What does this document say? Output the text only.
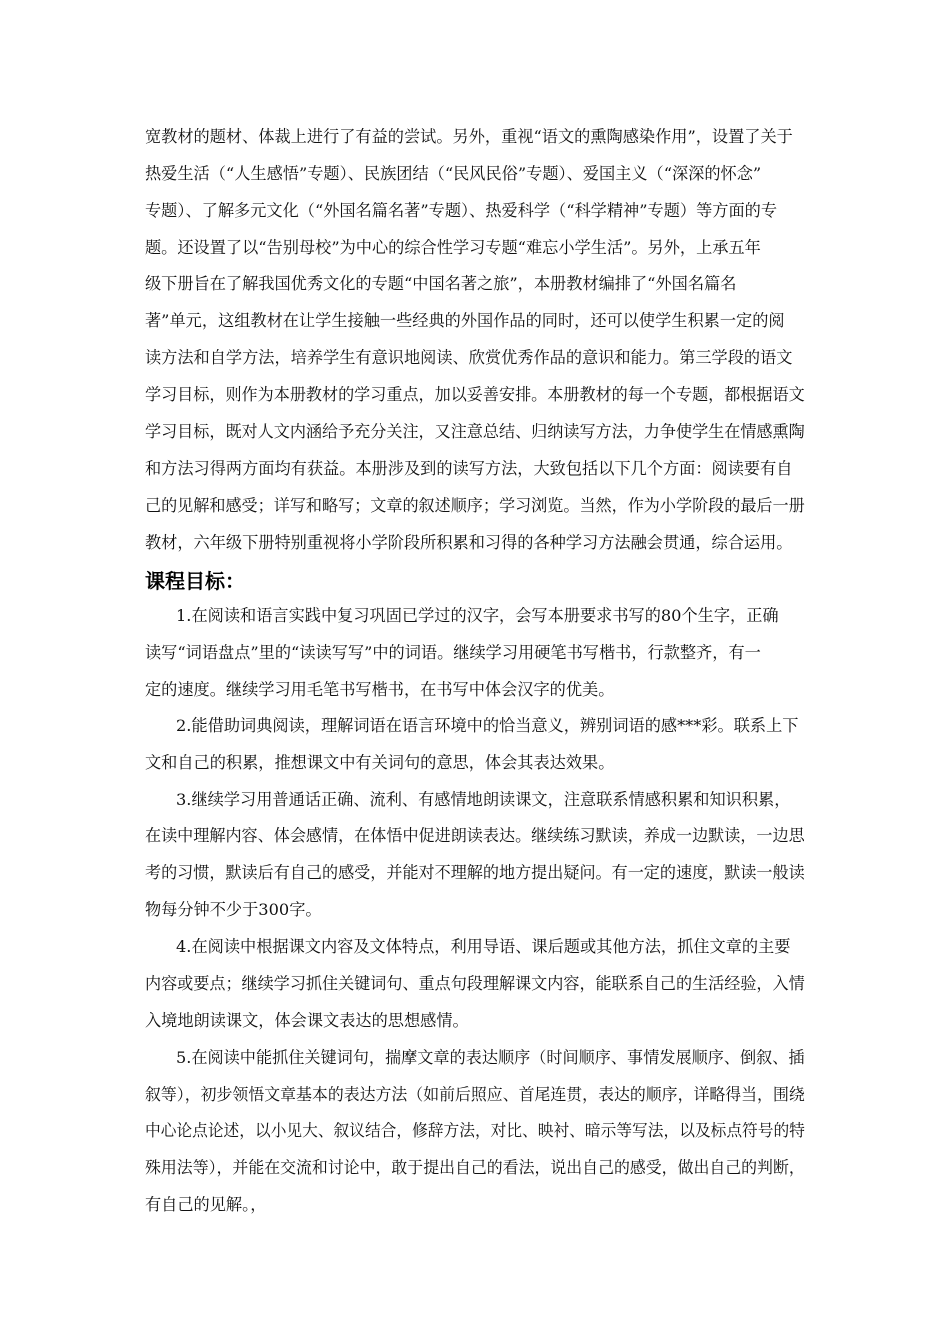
宽教材的题材、体裁上进行了有益的尝试。另外，重视“语文的熏陶感染作用”，设置了关于
热爱生活（“人生感悟”专题）、民族团结（“民风民俗”专题）、爱国主义（“深深的怀念”
专题）、了解多元文化（“外国名篇名著”专题）、热爱科学（“科学精神”专题）等方面的专
题。还设置了以“告别母校”为中心的综合性学习专题“难忘小学生活”。另外，上承五年
级下册旨在了解我国优秀文化的专题“中国名著之旅”，本册教材编排了“外国名篇名
著”单元，这组教材在让学生接触一些经典的外国作品的同时，还可以使学生积累一定的阅
读方法和自学方法，培养学生有意识地阅读、欣赏优秀作品的意识和能力。第三学段的语文
学习目标，则作为本册教材的学习重点，加以妥善安排。本册教材的每一个专题，都根据语文
学习目标，既对人文内涵给予充分关注，又注意总结、归纳读写方法，力争使学生在情感熏陶
和方法习得两方面均有获益。本册涉及到的读写方法，大致包括以下几个方面：阅读要有自
己的见解和感受；详写和略写；文章的叙述顺序；学习浏览。当然，作为小学阶段的最后一册
教材，六年级下册特别重视将小学阶段所积累和习得的各种学习方法融会贯通，综合运用。
课程目标：
1.在阅读和语言实践中复习巩固已学过的汉字，会写本册要求书写的80个生字，正确
读写“词语盘点”里的“读读写写”中的词语。继续学习用硬笔书写楷书，行款整齐，有一
定的速度。继续学习用毛笔书写楷书，在书写中体会汉字的优美。
2.能借助词典阅读，理解词语在语言环境中的恰当意义，辨别词语的感***彩。联系上下
文和自己的积累，推想课文中有关词句的意思，体会其表达效果。
3.继续学习用普通话正确、流利、有感情地朗读课文，注意联系情感积累和知识积累，
在读中理解内容、体会感情，在体悟中促进朗读表达。继续练习默读，养成一边默读，一边思
考的习惯，默读后有自己的感受，并能对不理解的地方提出疑问。有一定的速度，默读一般读
物每分钟不少于300字。
4.在阅读中根据课文内容及文体特点，利用导语、课后题或其他方法，抓住文章的主要
内容或要点；继续学习抓住关键词句、重点句段理解课文内容，能联系自己的生活经验，入情
入境地朗读课文，体会课文表达的思想感情。
5.在阅读中能抓住关键词句，揣摩文章的表达顺序（时间顺序、事情发展顺序、倒叙、插
叙等），初步领悟文章基本的表达方法（如前后照应、首尾连贯，表达的顺序，详略得当，围绕
中心论点论述，以小见大、叙议结合，修辞方法，对比、映衬、暗示等写法，以及标点符号的特
殊用法等），并能在交流和讨论中，敢于提出自己的看法，说出自己的感受，做出自己的判断，
有自己的见解。，
